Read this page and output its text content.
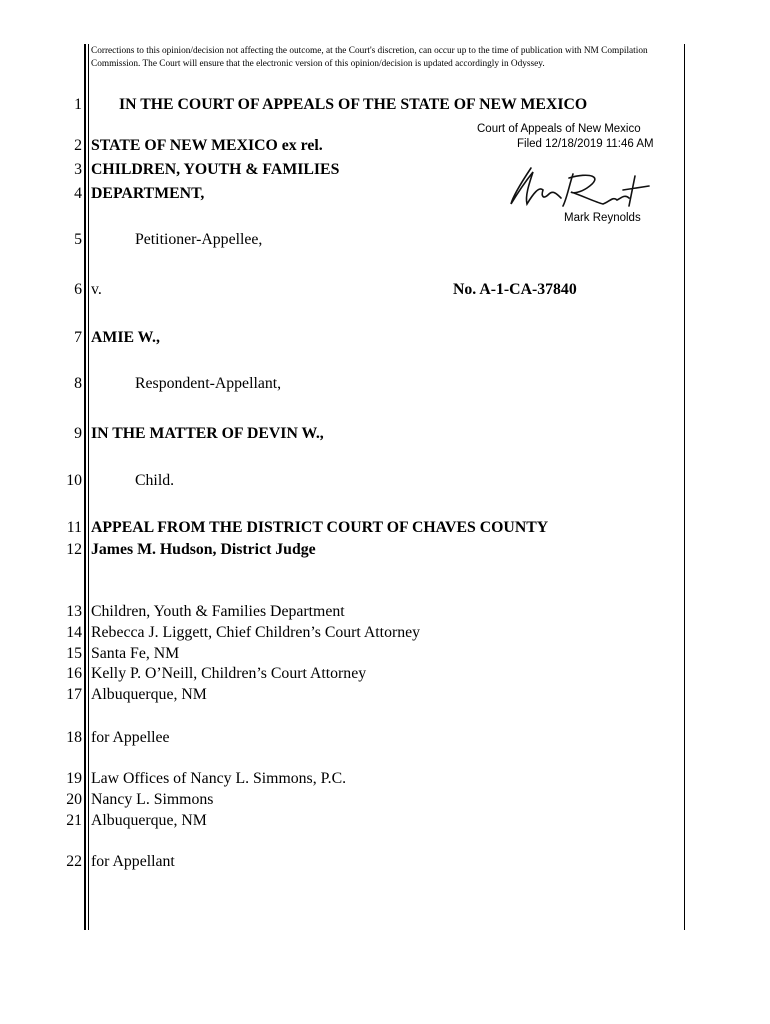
Corrections to this opinion/decision not affecting the outcome, at the Court's discretion, can occur up to the time of publication with NM Compilation Commission. The Court will ensure that the electronic version of this opinion/decision is updated accordingly in Odyssey.
Court of Appeals of New Mexico
Filed 12/18/2019 11:46 AM
Mark Reynolds
1 IN THE COURT OF APPEALS OF THE STATE OF NEW MEXICO
2 STATE OF NEW MEXICO ex rel.
3 CHILDREN, YOUTH & FAMILIES
4 DEPARTMENT,
5	Petitioner-Appellee,
6 v.	No. A-1-CA-37840
7 AMIE W.,
8	Respondent-Appellant,
9 IN THE MATTER OF DEVIN W.,
10	Child.
11 APPEAL FROM THE DISTRICT COURT OF CHAVES COUNTY
12 James M. Hudson, District Judge
13 Children, Youth & Families Department
14 Rebecca J. Liggett, Chief Children’s Court Attorney
15 Santa Fe, NM
16 Kelly P. O’Neill, Children’s Court Attorney
17 Albuquerque, NM
18 for Appellee
19 Law Offices of Nancy L. Simmons, P.C.
20 Nancy L. Simmons
21 Albuquerque, NM
22 for Appellant
